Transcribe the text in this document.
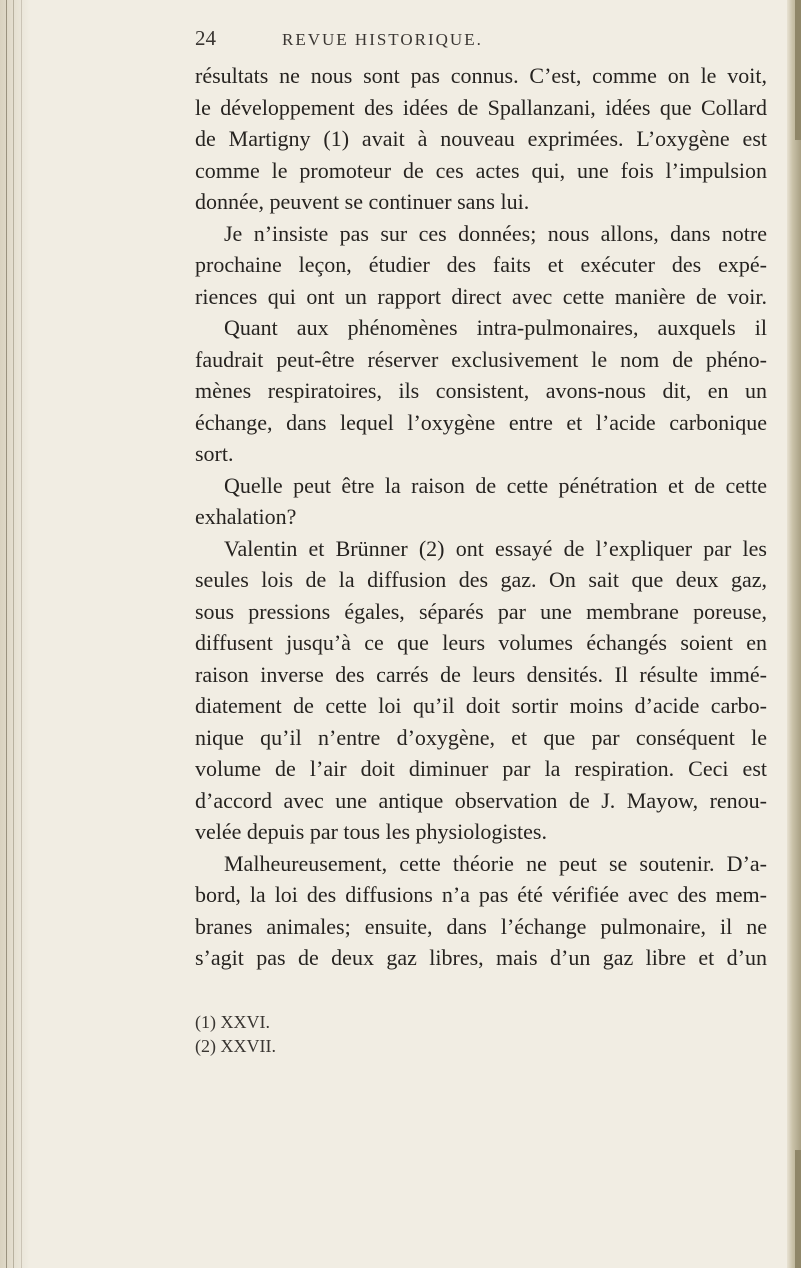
24	REVUE HISTORIQUE.
résultats ne nous sont pas connus. C’est, comme on le voit,
le développement des idées de Spallanzani, idées que Collard
de Martigny (1) avait à nouveau exprimées. L’oxygène est
comme le promoteur de ces actes qui, une fois l’impulsion
donnée, peuvent se continuer sans lui.
Je n’insiste pas sur ces données; nous allons, dans notre
prochaine leçon, étudier des faits et exécuter des expé-
riences qui ont un rapport direct avec cette manière de voir.
Quant aux phénomènes intra-pulmonaires, auxquels il
faudrait peut-être réserver exclusivement le nom de phéno-
mènes respiratoires, ils consistent, avons-nous dit, en un
échange, dans lequel l’oxygène entre et l’acide carbonique
sort.
Quelle peut être la raison de cette pénétration et de cette
exhalation?
Valentin et Brünner (2) ont essayé de l’expliquer par les
seules lois de la diffusion des gaz. On sait que deux gaz,
sous pressions égales, séparés par une membrane poreuse,
diffusent jusqu’à ce que leurs volumes échangés soient en
raison inverse des carrés de leurs densités. Il résulte immé-
diatement de cette loi qu’il doit sortir moins d’acide carbo-
nique qu’il n’entre d’oxygène, et que par conséquent le
volume de l’air doit diminuer par la respiration. Ceci est
d’accord avec une antique observation de J. Mayow, renou-
velée depuis par tous les physiologistes.
Malheureusement, cette théorie ne peut se soutenir. D’a-
bord, la loi des diffusions n’a pas été vérifiée avec des mem-
branes animales; ensuite, dans l’échange pulmonaire, il ne
s’agit pas de deux gaz libres, mais d’un gaz libre et d’un
(1) XXVI.
(2) XXVII.
